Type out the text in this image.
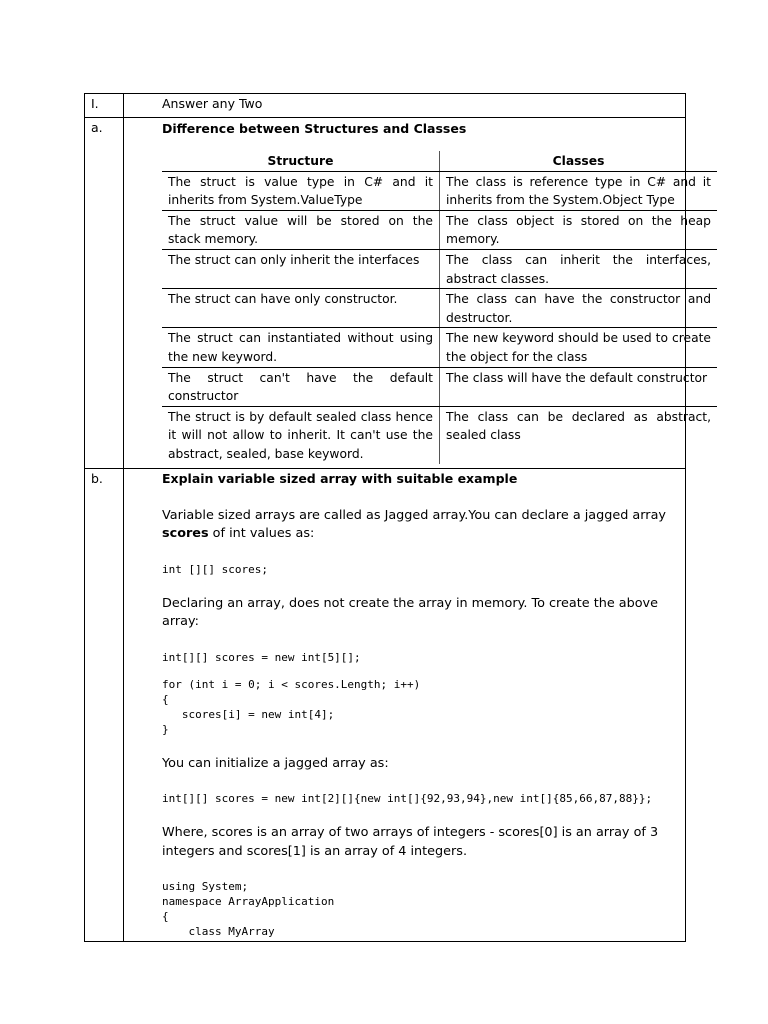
I.	Answer any Two
a.	Difference between Structures and Classes
Structure	Classes
The struct is value type in C# and it inherits from System.ValueType	The class is reference type in C# and it inherits from the System.Object Type
The struct value will be stored on the stack memory.	The class object is stored on the heap memory.
The struct can only inherit the interfaces	The class can inherit the interfaces, abstract classes.
The struct can have only constructor.	The class can have the constructor and destructor.
The struct can instantiated without using the new keyword.	The new keyword should be used to create the object for the class
The struct can't have the default constructor	The class will have the default constructor
The struct is by default sealed class hence it will not allow to inherit. It can't use the abstract, sealed, base keyword.	The class can be declared as abstract, sealed class

b.	Explain variable sized array with suitable example

Variable sized arrays are called as Jagged array.You can declare a jagged array scores of int values as:

int [][] scores;

Declaring an array, does not create the array in memory. To create the above array:

int[][] scores = new int[5][];
for (int i = 0; i < scores.Length; i++)
{
scores[i] = new int[4];
}

You can initialize a jagged array as:

int[][] scores = new int[2][]{new int[]{92,93,94},new int[]{85,66,87,88}};

Where, scores is an array of two arrays of integers - scores[0] is an array of 3 integers and scores[1] is an array of 4 integers.

using System;
namespace ArrayApplication
{
class MyArray
